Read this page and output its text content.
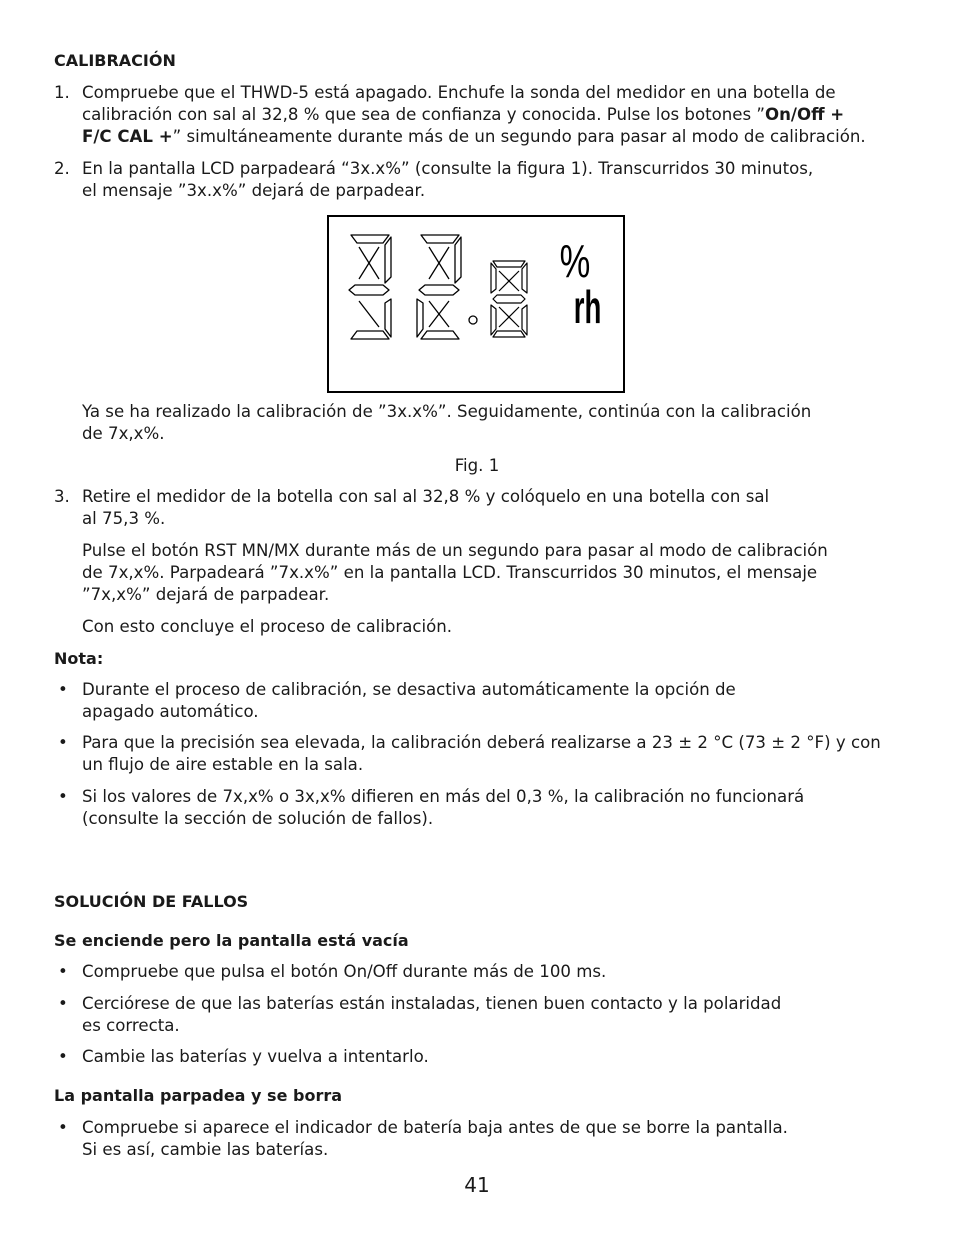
CALIBRACIÓN
1. Compruebe que el THWD-5 está apagado. Enchufe la sonda del medidor en una botella de
calibración con sal al 32,8 % que sea de confianza y conocida. Pulse los botones ”On/Off +
F/C CAL +” simultáneamente durante más de un segundo para pasar al modo de calibración.
2. En la pantalla LCD parpadeará “3x.x%” (consulte la figura 1). Transcurridos 30 minutos,
el mensaje ”3x.x%” dejará de parpadear.
%
rh
Ya se ha realizado la calibración de ”3x.x%”. Seguidamente, continúa con la calibración
de 7x,x%.
Fig. 1
3. Retire el medidor de la botella con sal al 32,8 % y colóquelo en una botella con sal
al 75,3 %.
Pulse el botón RST MN/MX durante más de un segundo para pasar al modo de calibración
de 7x,x%. Parpadeará ”7x.x%” en la pantalla LCD. Transcurridos 30 minutos, el mensaje
”7x,x%” dejará de parpadear.
Con esto concluye el proceso de calibración.
Nota:
• Durante el proceso de calibración, se desactiva automáticamente la opción de
apagado automático.
• Para que la precisión sea elevada, la calibración deberá realizarse a 23 ± 2 °C (73 ± 2 °F) y con
un flujo de aire estable en la sala.
• Si los valores de 7x,x% o 3x,x% difieren en más del 0,3 %, la calibración no funcionará
(consulte la sección de solución de fallos).
SOLUCIÓN DE FALLOS
Se enciende pero la pantalla está vacía
• Compruebe que pulsa el botón On/Off durante más de 100 ms.
• Cerciórese de que las baterías están instaladas, tienen buen contacto y la polaridad
es correcta.
• Cambie las baterías y vuelva a intentarlo.
La pantalla parpadea y se borra
• Compruebe si aparece el indicador de batería baja antes de que se borre la pantalla.
Si es así, cambie las baterías.
41
